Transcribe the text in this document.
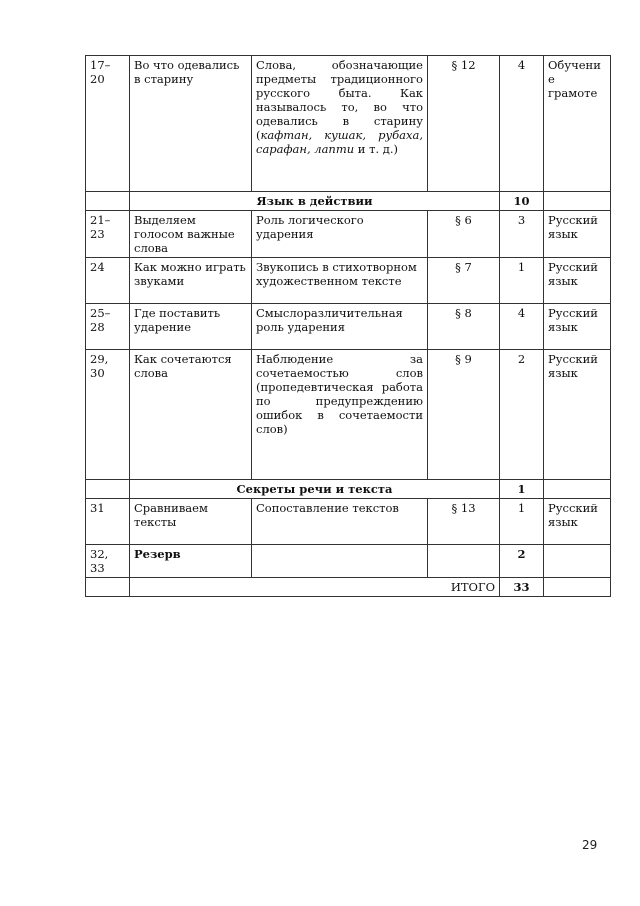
17–20	Во что одевались в старину	Слова, обозначающие предметы традиционного русского быта. Как называлось то, во что одевались в старину (кафтан, кушак, рубаха, сарафан, лапти и т. д.)	§ 12	4	Обучение грамоте
	Язык в действии			10	
21–23	Выделяем голосом важные слова	Роль логического ударения	§ 6	3	Русский язык
24	Как можно играть звуками	Звукопись в стихотворном художественном тексте	§ 7	1	Русский язык
25–28	Где поставить ударение	Смыслоразличительная роль ударения	§ 8	4	Русский язык
29, 30	Как сочетаются слова	Наблюдение за сочетаемостью слов (пропедевтическая работа по предупреждению ошибок в сочетаемости слов)	§ 9	2	Русский язык
	Секреты речи и текста			1	
31	Сравниваем тексты	Сопоставление текстов	§ 13	1	Русский язык
32, 33	Резерв			2	
	ИТОГО			33	
29
